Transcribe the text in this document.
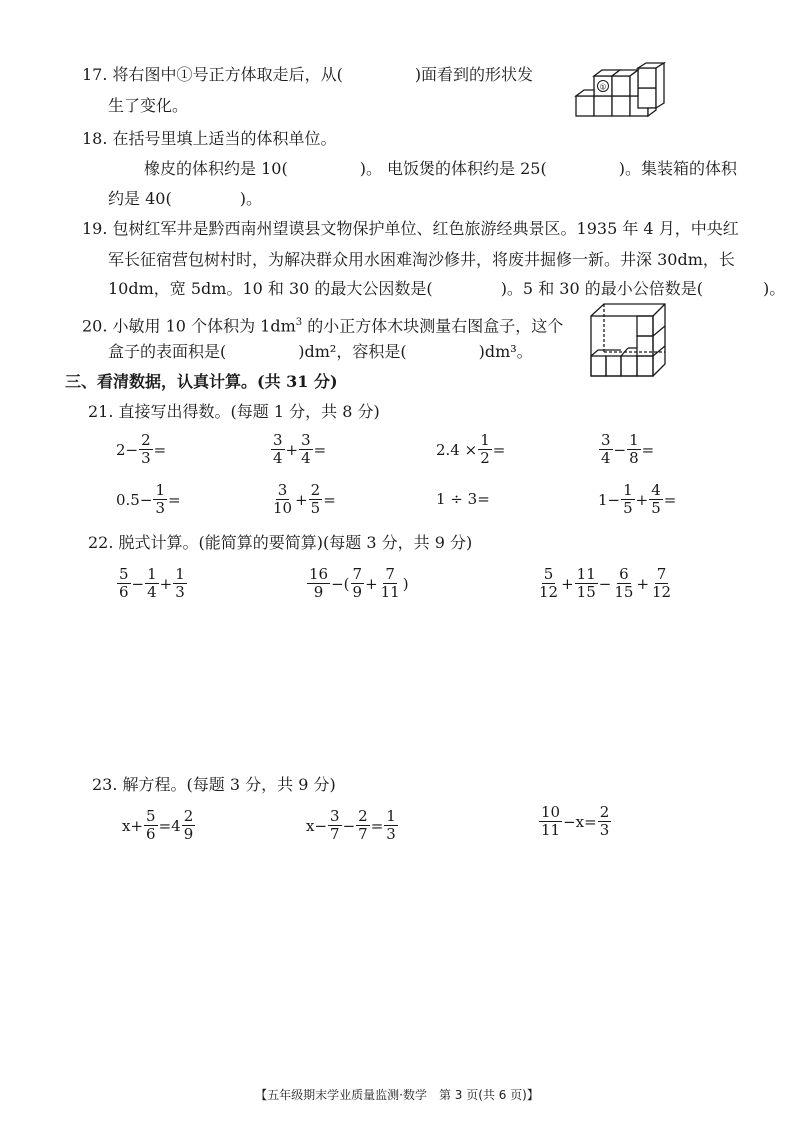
17. 将右图中①号正方体取走后，从(	)面看到的形状发
生了变化。
①
18. 在括号里填上适当的体积单位。
橡皮的体积约是 10(	)。 电饭煲的体积约是 25(	)。集装箱的体积
约是 40(	)。
19. 包树红军井是黔西南州望谟县文物保护单位、红色旅游经典景区。1935 年 4 月，中央红
军长征宿营包树村时，为解决群众用水困难淘沙修井，将废井掘修一新。井深 30dm，长
10dm，宽 5dm。10 和 30 的最大公因数是(	)。5 和 30 的最小公倍数是(	)。
20. 小敏用 10 个体积为 $1dm^3$ 的小正方体木块测量右图盒子，这个
盒子的表面积是(	)dm²，容积是(	)dm³。
三、看清数据，认真计算。(共 31 分)
21. 直接写出得数。(每题 1 分，共 8 分)
$2- \frac{2}{3}$ =	$\frac{3}{4} + \frac{3}{4}$ =	$2.4 \times \frac{1}{2}$ =	$\frac{3}{4} - \frac{1}{8}$ =
$0.5- \frac{1}{3}$ =	$\frac{3}{10} + \frac{2}{5}$ =	1 ÷ 3=	$1- \frac{1}{5} + \frac{4}{5}$ =
22. 脱式计算。(能简算的要简算)(每题 3 分，共 9 分)
$\frac{5}{6} - \frac{1}{4} + \frac{1}{3}$	$\frac{16}{9}$ −( $\frac{7}{9} + \frac{7}{11}$ )	$\frac{5}{12} + \frac{11}{15} - \frac{6}{15} + \frac{7}{12}$
23. 解方程。(每题 3 分，共 9 分)
$x+ \frac{5}{6} =4 \frac{2}{9}$	$x- \frac{3}{7} - \frac{2}{7} = \frac{1}{3}$	$\frac{10}{11} -x= \frac{2}{3}$
【五年级期末学业质量监测·数学　第 3 页(共 6 页)】
